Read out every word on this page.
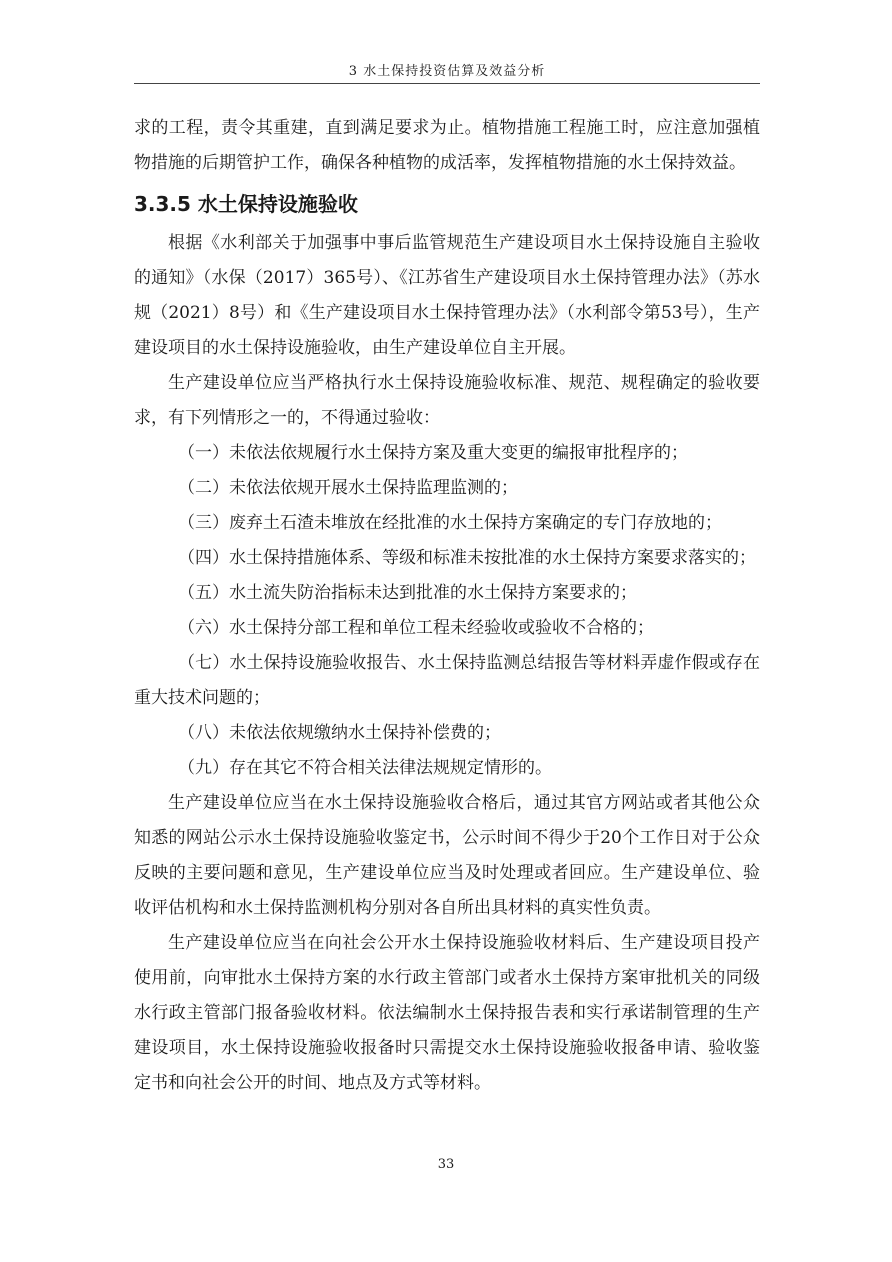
3 水土保持投资估算及效益分析

求的工程，责令其重建，直到满足要求为止。植物措施工程施工时，应注意加强植物措施的后期管护工作，确保各种植物的成活率，发挥植物措施的水土保持效益。

3.3.5 水土保持设施验收

根据《水利部关于加强事中事后监管规范生产建设项目水土保持设施自主验收的通知》（水保（2017）365号）、《江苏省生产建设项目水土保持管理办法》（苏水规（2021）8号）和《生产建设项目水土保持管理办法》（水利部令第53号），生产建设项目的水土保持设施验收，由生产建设单位自主开展。

生产建设单位应当严格执行水土保持设施验收标准、规范、规程确定的验收要求，有下列情形之一的，不得通过验收：

（一）未依法依规履行水土保持方案及重大变更的编报审批程序的；

（二）未依法依规开展水土保持监理监测的；

（三）废弃土石渣未堆放在经批准的水土保持方案确定的专门存放地的；

（四）水土保持措施体系、等级和标准未按批准的水土保持方案要求落实的；

（五）水土流失防治指标未达到批准的水土保持方案要求的；

（六）水土保持分部工程和单位工程未经验收或验收不合格的；

（七）水土保持设施验收报告、水土保持监测总结报告等材料弄虚作假或存在重大技术问题的；

（八）未依法依规缴纳水土保持补偿费的；

（九）存在其它不符合相关法律法规规定情形的。

生产建设单位应当在水土保持设施验收合格后，通过其官方网站或者其他公众知悉的网站公示水土保持设施验收鉴定书，公示时间不得少于20个工作日对于公众反映的主要问题和意见，生产建设单位应当及时处理或者回应。生产建设单位、验收评估机构和水土保持监测机构分别对各自所出具材料的真实性负责。

生产建设单位应当在向社会公开水土保持设施验收材料后、生产建设项目投产使用前，向审批水土保持方案的水行政主管部门或者水土保持方案审批机关的同级水行政主管部门报备验收材料。依法编制水土保持报告表和实行承诺制管理的生产建设项目，水土保持设施验收报备时只需提交水土保持设施验收报备申请、验收鉴定书和向社会公开的时间、地点及方式等材料。

33
